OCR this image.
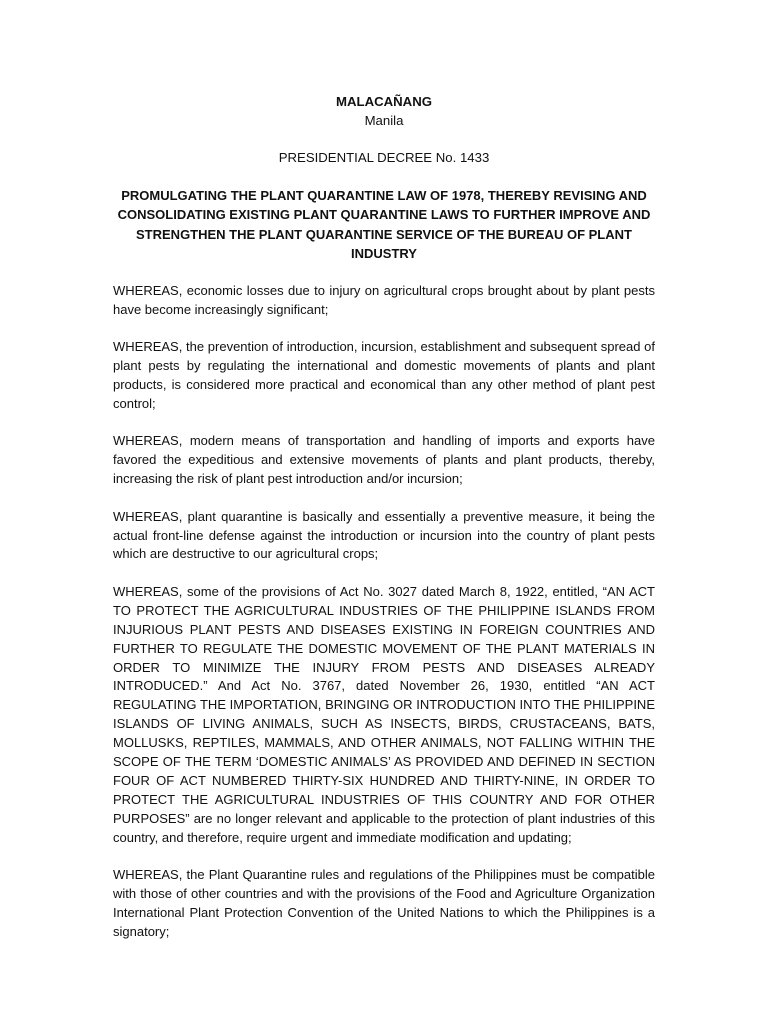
MALACAÑANG
Manila
PRESIDENTIAL DECREE No. 1433
PROMULGATING THE PLANT QUARANTINE LAW OF 1978, THEREBY REVISING AND CONSOLIDATING EXISTING PLANT QUARANTINE LAWS TO FURTHER IMPROVE AND STRENGTHEN THE PLANT QUARANTINE SERVICE OF THE BUREAU OF PLANT INDUSTRY

WHEREAS, economic losses due to injury on agricultural crops brought about by plant pests have become increasingly significant;

WHEREAS, the prevention of introduction, incursion, establishment and subsequent spread of plant pests by regulating the international and domestic movements of plants and plant products, is considered more practical and economical than any other method of plant pest control;

WHEREAS, modern means of transportation and handling of imports and exports have favored the expeditious and extensive movements of plants and plant products, thereby, increasing the risk of plant pest introduction and/or incursion;

WHEREAS, plant quarantine is basically and essentially a preventive measure, it being the actual front-line defense against the introduction or incursion into the country of plant pests which are destructive to our agricultural crops;

WHEREAS, some of the provisions of Act No. 3027 dated March 8, 1922, entitled, “AN ACT TO PROTECT THE AGRICULTURAL INDUSTRIES OF THE PHILIPPINE ISLANDS FROM INJURIOUS PLANT PESTS AND DISEASES EXISTING IN FOREIGN COUNTRIES AND FURTHER TO REGULATE THE DOMESTIC MOVEMENT OF THE PLANT MATERIALS IN ORDER TO MINIMIZE THE INJURY FROM PESTS AND DISEASES ALREADY INTRODUCED.” And Act No. 3767, dated November 26, 1930, entitled “AN ACT REGULATING THE IMPORTATION, BRINGING OR INTRODUCTION INTO THE PHILIPPINE ISLANDS OF LIVING ANIMALS, SUCH AS INSECTS, BIRDS, CRUSTACEANS, BATS, MOLLUSKS, REPTILES, MAMMALS, AND OTHER ANIMALS, NOT FALLING WITHIN THE SCOPE OF THE TERM ‘DOMESTIC ANIMALS’ AS PROVIDED AND DEFINED IN SECTION FOUR OF ACT NUMBERED THIRTY-SIX HUNDRED AND THIRTY-NINE, IN ORDER TO PROTECT THE AGRICULTURAL INDUSTRIES OF THIS COUNTRY AND FOR OTHER PURPOSES” are no longer relevant and applicable to the protection of plant industries of this country, and therefore, require urgent and immediate modification and updating;

WHEREAS, the Plant Quarantine rules and regulations of the Philippines must be compatible with those of other countries and with the provisions of the Food and Agriculture Organization International Plant Protection Convention of the United Nations to which the Philippines is a signatory;
